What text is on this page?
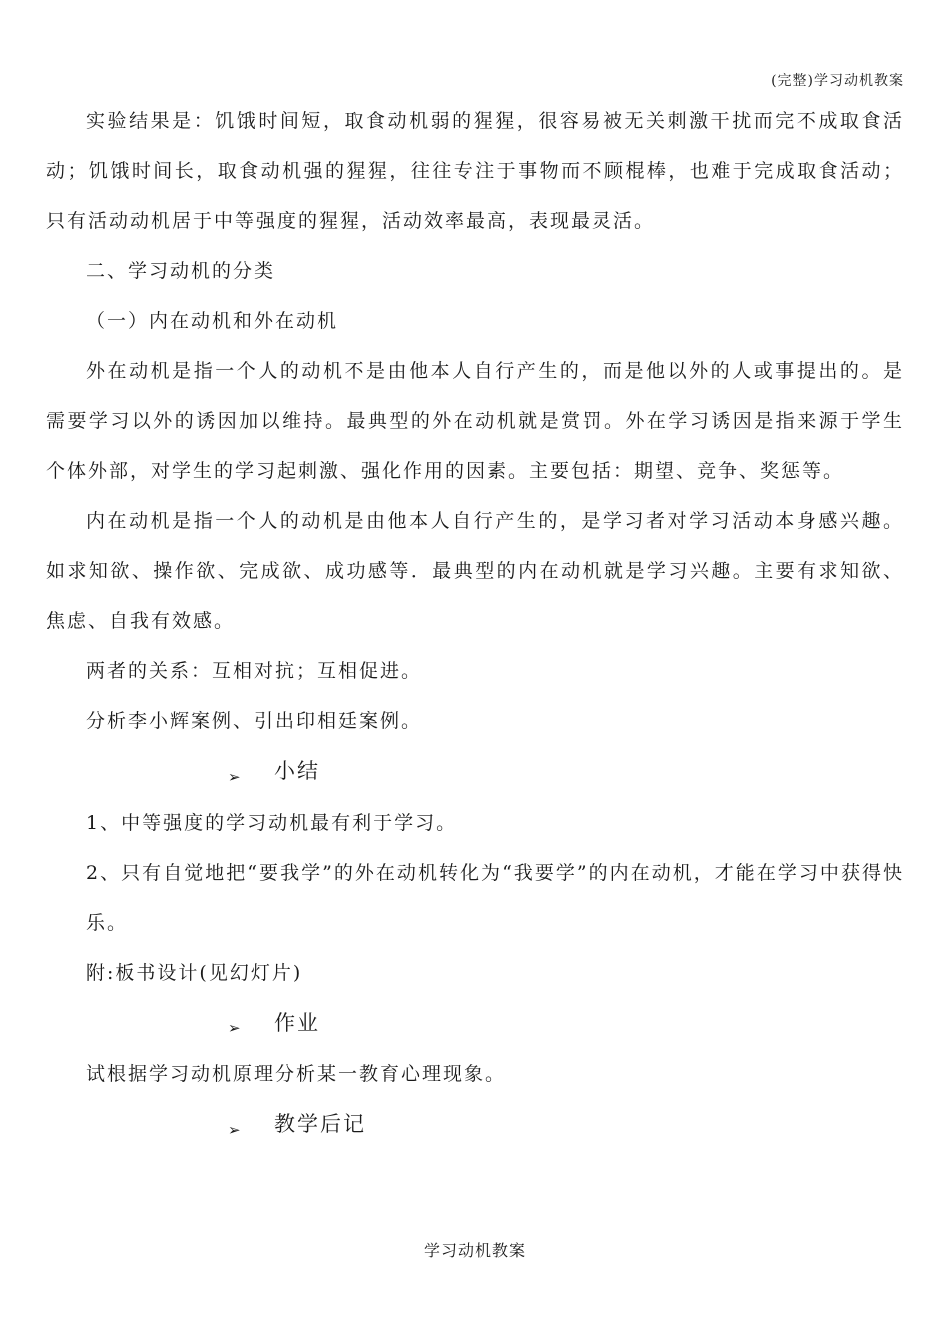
(完整)学习动机教案

实验结果是：饥饿时间短，取食动机弱的猩猩，很容易被无关刺激干扰而完不成取食活动；饥饿时间长，取食动机强的猩猩，往往专注于事物而不顾棍棒，也难于完成取食活动；只有活动动机居于中等强度的猩猩，活动效率最高，表现最灵活。

二、学习动机的分类

（一）内在动机和外在动机

外在动机是指一个人的动机不是由他本人自行产生的，而是他以外的人或事提出的。是需要学习以外的诱因加以维持。最典型的外在动机就是赏罚。外在学习诱因是指来源于学生个体外部，对学生的学习起刺激、强化作用的因素。主要包括：期望、竞争、奖惩等。

内在动机是指一个人的动机是由他本人自行产生的，是学习者对学习活动本身感兴趣。如求知欲、操作欲、完成欲、成功感等．最典型的内在动机就是学习兴趣。主要有求知欲、焦虑、自我有效感。

两者的关系：互相对抗；互相促进。

分析李小辉案例、引出印相廷案例。

➢ 小结

1、中等强度的学习动机最有利于学习。

2、只有自觉地把“要我学”的外在动机转化为“我要学”的内在动机，才能在学习中获得快乐。

附:板书设计(见幻灯片)

➢ 作业

试根据学习动机原理分析某一教育心理现象。

➢ 教学后记

学习动机教案
